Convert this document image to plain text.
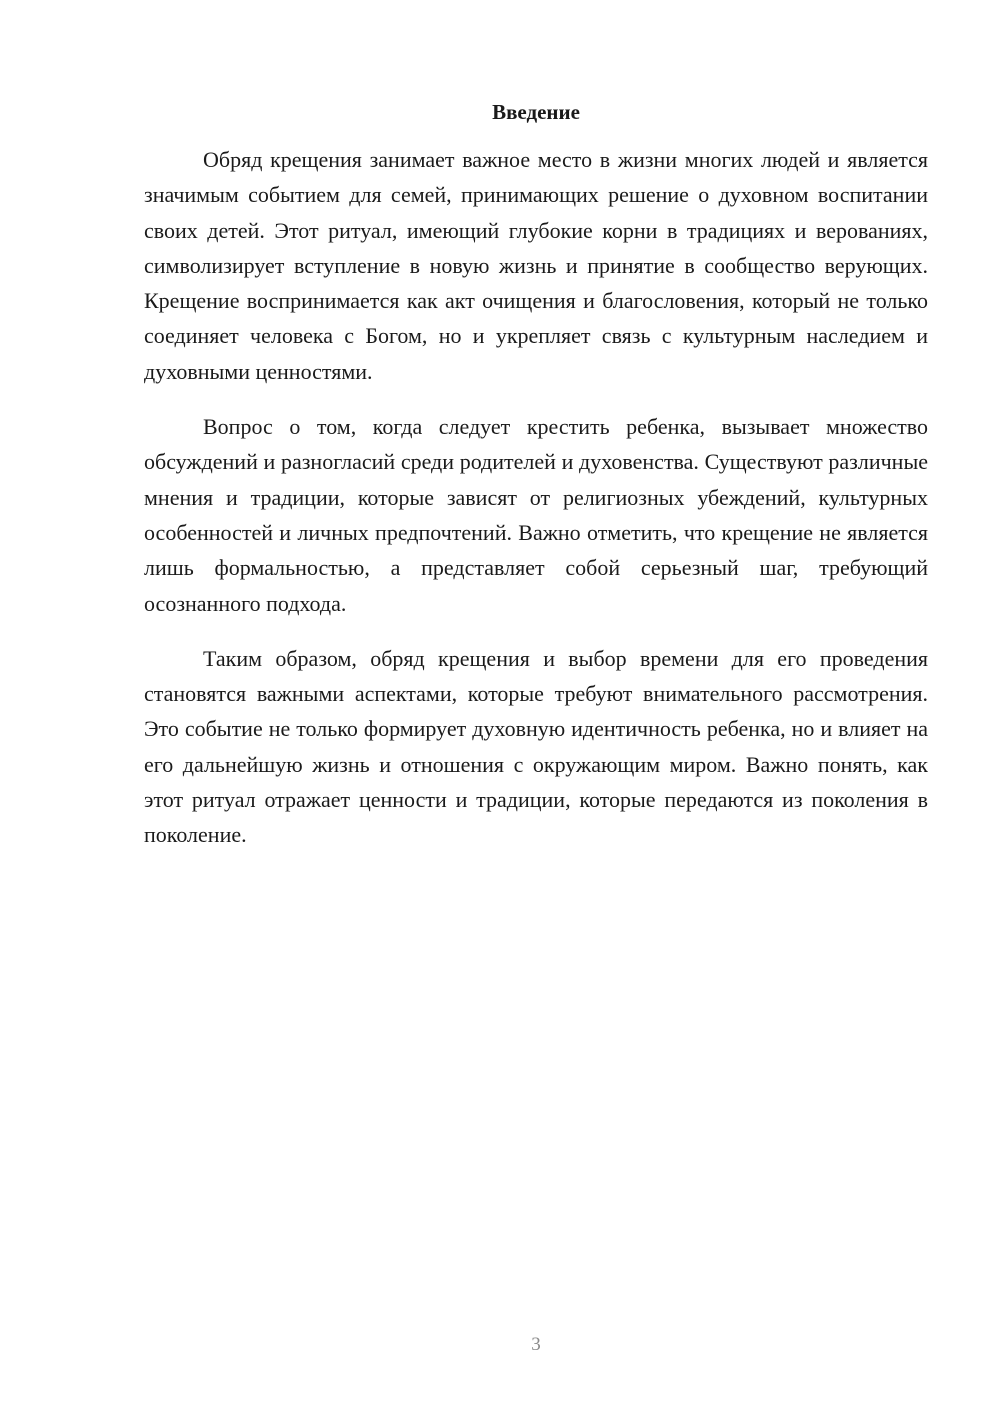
Введение

Обряд крещения занимает важное место в жизни многих людей и является значимым событием для семей, принимающих решение о духовном воспитании своих детей. Этот ритуал, имеющий глубокие корни в традициях и верованиях, символизирует вступление в новую жизнь и принятие в сообщество верующих. Крещение воспринимается как акт очищения и благословения, который не только соединяет человека с Богом, но и укрепляет связь с культурным наследием и духовными ценностями.

Вопрос о том, когда следует крестить ребенка, вызывает множество обсуждений и разногласий среди родителей и духовенства. Существуют различные мнения и традиции, которые зависят от религиозных убеждений, культурных особенностей и личных предпочтений. Важно отметить, что крещение не является лишь формальностью, а представляет собой серьезный шаг, требующий осознанного подхода.

Таким образом, обряд крещения и выбор времени для его проведения становятся важными аспектами, которые требуют внимательного рассмотрения. Это событие не только формирует духовную идентичность ребенка, но и влияет на его дальнейшую жизнь и отношения с окружающим миром. Важно понять, как этот ритуал отражает ценности и традиции, которые передаются из поколения в поколение.

3
